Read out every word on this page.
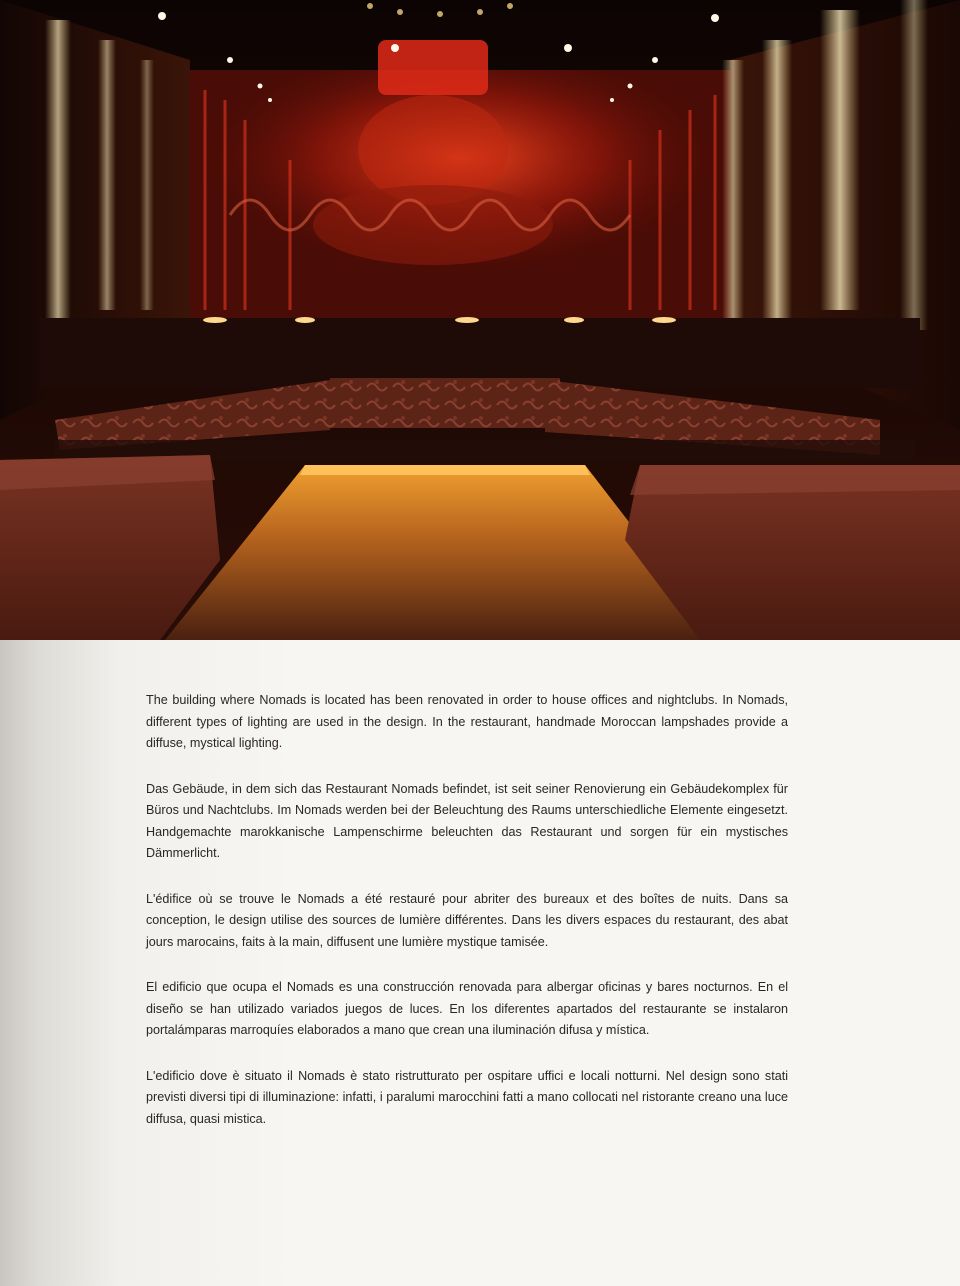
The building where Nomads is located has been renovated in order to house offices and nightclubs. In Nomads, different types of lighting are used in the design. In the restaurant, handmade Moroccan lampshades provide a diffuse, mystical lighting.

Das Gebäude, in dem sich das Restaurant Nomads befindet, ist seit seiner Renovierung ein Gebäudekomplex für Büros und Nachtclubs. Im Nomads werden bei der Beleuchtung des Raums unterschiedliche Elemente eingesetzt. Handgemachte marokkanische Lampenschirme beleuchten das Restaurant und sorgen für ein mystisches Dämmerlicht.

L'édifice où se trouve le Nomads a été restauré pour abriter des bureaux et des boîtes de nuits. Dans sa conception, le design utilise des sources de lumière différentes. Dans les divers espaces du restaurant, des abat jours marocains, faits à la main, diffusent une lumière mystique tamisée.

El edificio que ocupa el Nomads es una construcción renovada para albergar oficinas y bares nocturnos. En el diseño se han utilizado variados juegos de luces. En los diferentes apartados del restaurante se instalaron portalámparas marroquíes elaborados a mano que crean una iluminación difusa y mística.

L'edificio dove è situato il Nomads è stato ristrutturato per ospitare uffici e locali notturni. Nel design sono stati previsti diversi tipi di illuminazione: infatti, i paralumi marocchini fatti a mano collocati nel ristorante creano una luce diffusa, quasi mistica.
